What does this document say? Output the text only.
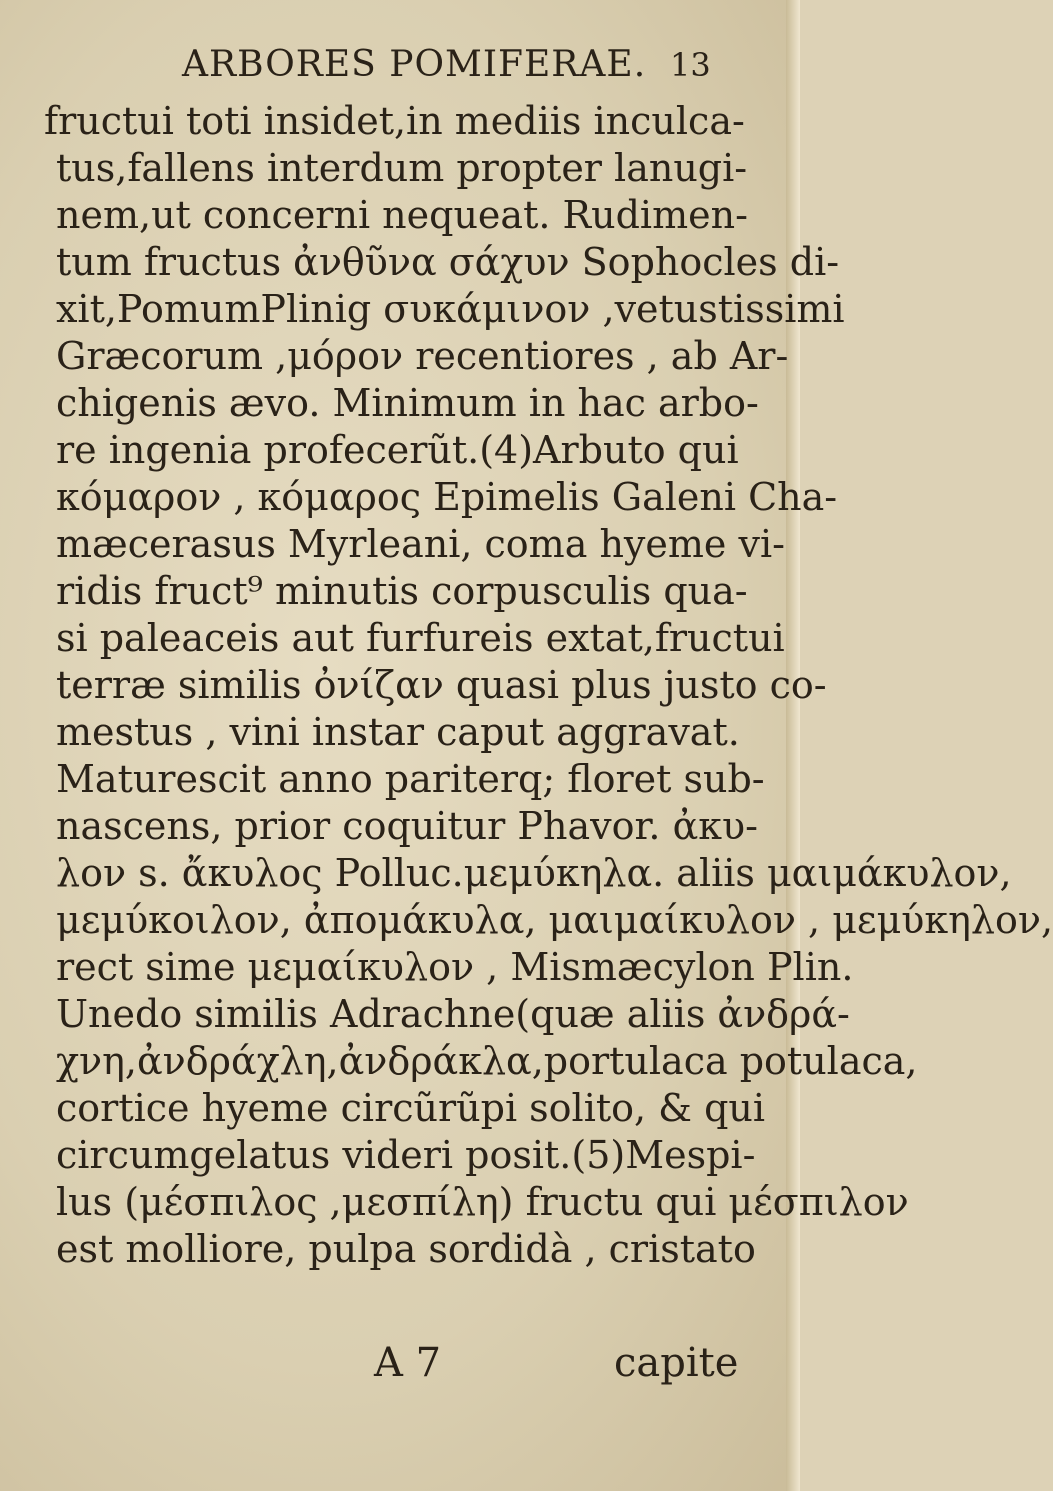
ARBORES POMIFERAE. 13
fructui toti insidet,in mediis inculca-
tus,fallens interdum propter lanugi-
nem,ut concerni nequeat. Rudimen-
tum fructus ἀνθῦνα σάχυν Sophocles di-
xit,PomumPlinig συκάμινον ,vetustissimi
Græcorum ,μόρον recentiores , ab Ar-
chigenis ævo. Minimum in hac arbo-
re ingenia profecerũt.(4)Arbuto qui
κόμαρον , κόμαρος Epimelis Galeni Cha-
mæcerasus Myrleani, coma hyeme vi-
ridis fruct⁹ minutis corpusculis qua-
si paleaceis aut furfureis extat,fructui
terræ similis ὀνίζαν quasi plus justo co-
mestus , vini instar caput aggravat.
Maturescit anno pariterq; floret sub-
nascens, prior coquitur Phavor. ἀκυ-
λον s. ἄκυλος Polluc.μεμύκηλα. aliis μαιμάκυλον,
μεμύκοιλον, ἀπομάκυλα, μαιμαίκυλον , μεμύκηλον,
rect sime μεμαίκυλον , Mismæcylon Plin.
Unedo similis Adrachne(quæ aliis ἀνδρά-
χνη,ἀνδράχλη,ἀνδράκλα,portulaca potulaca,
cortice hyeme circũrũpi solito, & qui
circumgelatus videri posit.(5)Mespi-
lus (μέσπιλος ,μεσπίλη) fructu qui μέσπιλον
est molliore, pulpa sordidà , cristato
A 7	capite
